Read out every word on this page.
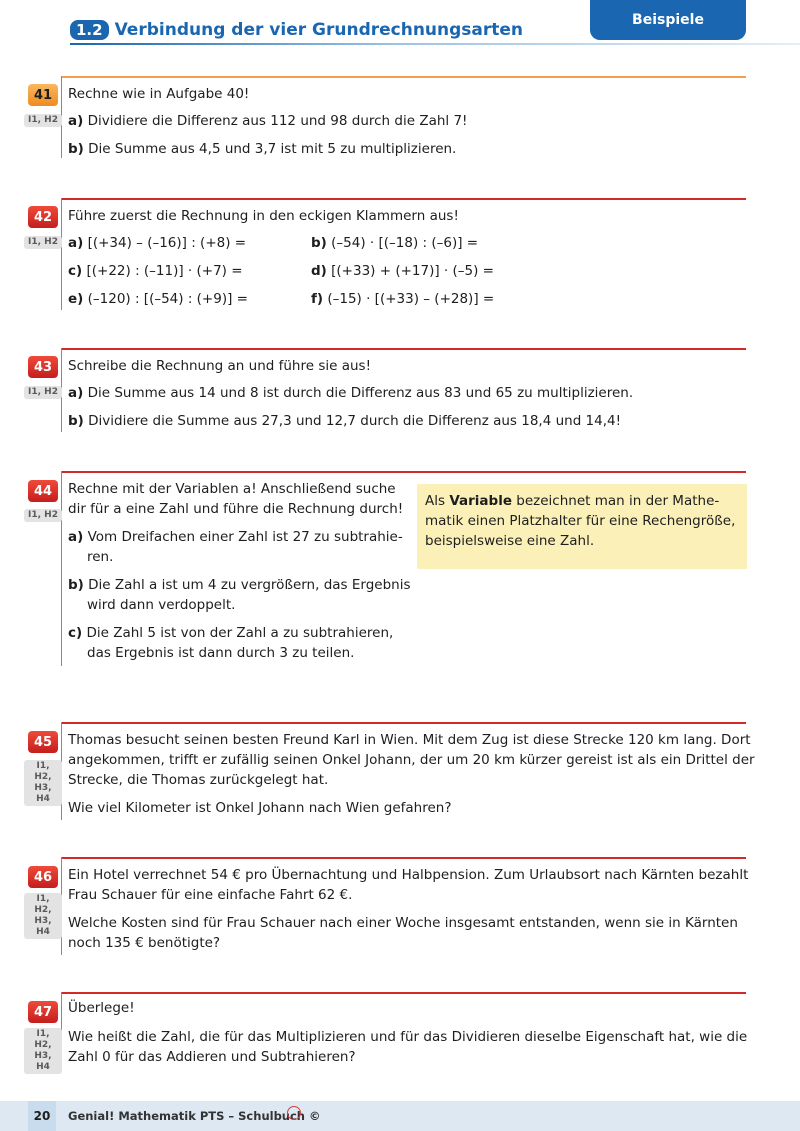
1.2 Verbindung der vier Grundrechnungsarten	Beispiele
41
I1, H2
Rechne wie in Aufgabe 40!
a) Dividiere die Differenz aus 112 und 98 durch die Zahl 7!
b) Die Summe aus 4,5 und 3,7 ist mit 5 zu multiplizieren.
42
I1, H2
Führe zuerst die Rechnung in den eckigen Klammern aus!
a) [(+34) – (–16)] : (+8) =	b) (–54) · [(–18) : (–6)] =
c) [(+22) : (–11)] · (+7) =	d) [(+33) + (+17)] · (–5) =
e) (–120) : [(–54) : (+9)] =	f) (–15) · [(+33) – (+28)] =
43
I1, H2
Schreibe die Rechnung an und führe sie aus!
a) Die Summe aus 14 und 8 ist durch die Differenz aus 83 und 65 zu multiplizieren.
b) Dividiere die Summe aus 27,3 und 12,7 durch die Differenz aus 18,4 und 14,4!
44
I1, H2
Rechne mit der Variablen a! Anschließend suche
dir für a eine Zahl und führe die Rechnung durch!
a) Vom Dreifachen einer Zahl ist 27 zu subtrahie-
ren.
b) Die Zahl a ist um 4 zu vergrößern, das Ergebnis
wird dann verdoppelt.
c) Die Zahl 5 ist von der Zahl a zu subtrahieren,
das Ergebnis ist dann durch 3 zu teilen.
Als Variable bezeichnet man in der Mathe-
matik einen Platzhalter für eine Rechengröße,
beispielsweise eine Zahl.
45
I1,
H2,
H3, H4
Thomas besucht seinen besten Freund Karl in Wien. Mit dem Zug ist diese Strecke 120 km lang. Dort
angekommen, trifft er zufällig seinen Onkel Johann, der um 20 km kürzer gereist ist als ein Drittel der
Strecke, die Thomas zurückgelegt hat.
Wie viel Kilometer ist Onkel Johann nach Wien gefahren?
46
I1, H2,
H3, H4
Ein Hotel verrechnet 54 € pro Übernachtung und Halbpension. Zum Urlaubsort nach Kärnten bezahlt
Frau Schauer für eine einfache Fahrt 62 €.
Welche Kosten sind für Frau Schauer nach einer Woche insgesamt entstanden, wenn sie in Kärnten
noch 135 € benötigte?
47
I1, H2,
H3, H4
Überlege!
Wie heißt die Zahl, die für das Multiplizieren und für das Dividieren dieselbe Eigenschaft hat, wie die
Zahl 0 für das Addieren und Subtrahieren?
20	Genial! Mathematik PTS – Schulbuch ©
